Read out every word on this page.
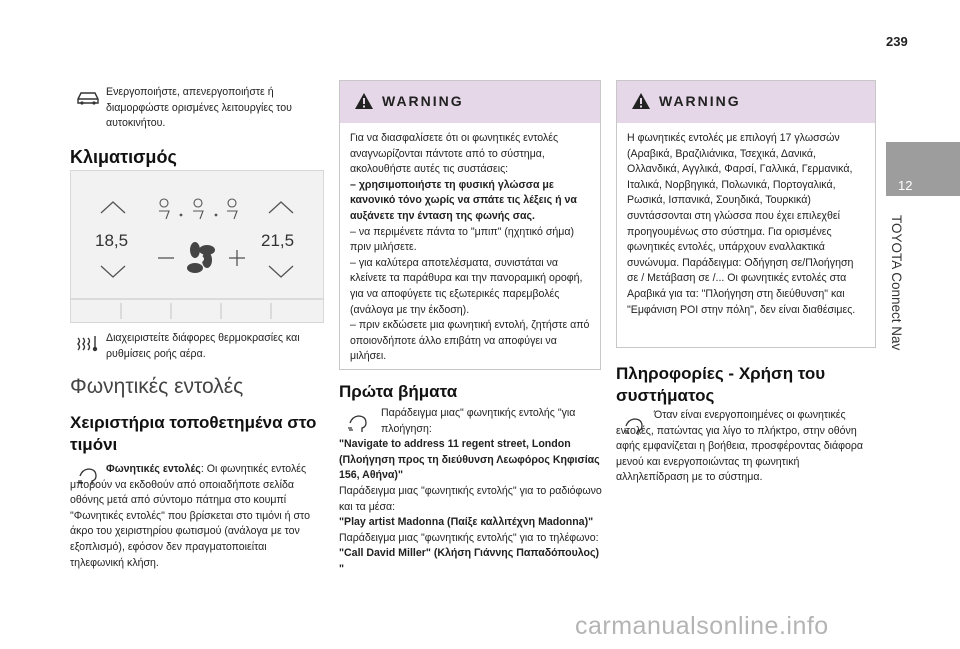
239
12
TOYOTA Connect Nav

Ενεργοποιήστε, απενεργοποιήστε ή διαμορφώστε ορισμένες λειτουργίες του αυτοκινήτου.

Κλιματισμός
18,5	21,5

Διαχειριστείτε διάφορες θερμοκρασίες και ρυθμίσεις ροής αέρα.

Φωνητικές εντολές
Χειριστήρια τοποθετημένα στο τιμόνι

Φωνητικές εντολές: Οι φωνητικές εντολές μπορούν να εκδοθούν από οποιαδήποτε σελίδα οθόνης μετά από σύντομο πάτημα στο κουμπί "Φωνητικές εντολές" που βρίσκεται στο τιμόνι ή στο άκρο του χειριστηρίου φωτισμού (ανάλογα με τον εξοπλισμό), εφόσον δεν πραγματοποιείται τηλεφωνική κλήση.

WARNING

Για να διασφαλίσετε ότι οι φωνητικές εντολές αναγνωρίζονται πάντοτε από το σύστημα, ακολουθήστε αυτές τις συστάσεις:

– χρησιμοποιήστε τη φυσική γλώσσα με κανονικό τόνο χωρίς να σπάτε τις λέξεις ή να αυξάνετε την ένταση της φωνής σας.

– να περιμένετε πάντα το "μπιπ" (ηχητικό σήμα) πριν μιλήσετε.

– για καλύτερα αποτελέσματα, συνιστάται να κλείνετε τα παράθυρα και την πανοραμική οροφή, για να αποφύγετε τις εξωτερικές παρεμβολές (ανάλογα με την έκδοση).

– πριν εκδώσετε μια φωνητική εντολή, ζητήστε από οποιονδήποτε άλλο επιβάτη να αποφύγει να μιλήσει.

Πρώτα βήματα

Παράδειγμα μιας" φωνητικής εντολής "για πλοήγηση:

"Navigate to address 11 regent street, London (Πλοήγηση προς τη διεύθυνση Λεωφόρος Κηφισίας 156, Αθήνα)"

Παράδειγμα μιας "φωνητικής εντολής" για το ραδιόφωνο και τα μέσα:

"Play artist Madonna (Παίξε καλλιτέχνη Madonna)"

Παράδειγμα μιας "φωνητικής εντολής" για το τηλέφωνο:

"Call David Miller" (Κλήση Γιάννης Παπαδόπουλος) "

WARNING

Η φωνητικές εντολές με επιλογή 17 γλωσσών (Αραβικά, Βραζιλιάνικα, Τσεχικά, Δανικά, Ολλανδικά, Αγγλικά, Φαρσί, Γαλλικά, Γερμανικά, Ιταλικά, Νορβηγικά, Πολωνικά, Πορτογαλικά, Ρωσικά, Ισπανικά, Σουηδικά, Τουρκικά) συντάσσονται στη γλώσσα που έχει επιλεχθεί προηγουμένως στο σύστημα. Για ορισμένες φωνητικές εντολές, υπάρχουν εναλλακτικά συνώνυμα. Παράδειγμα: Οδήγηση σε/Πλοήγηση σε / Μετάβαση σε /... Οι φωνητικές εντολές στα Αραβικά για τα: "Πλοήγηση στη διεύθυνση" και "Εμφάνιση POI στην πόλη", δεν είναι διαθέσιμες.

Πληροφορίες - Χρήση του συστήματος

Όταν είναι ενεργοποιημένες οι φωνητικές εντολές, πατώντας για λίγο το πλήκτρο, στην οθόνη αφής εμφανίζεται η βοήθεια, προσφέροντας διάφορα μενού και ενεργοποιώντας τη φωνητική αλληλεπίδραση με το σύστημα.

carmanualsonline.info
